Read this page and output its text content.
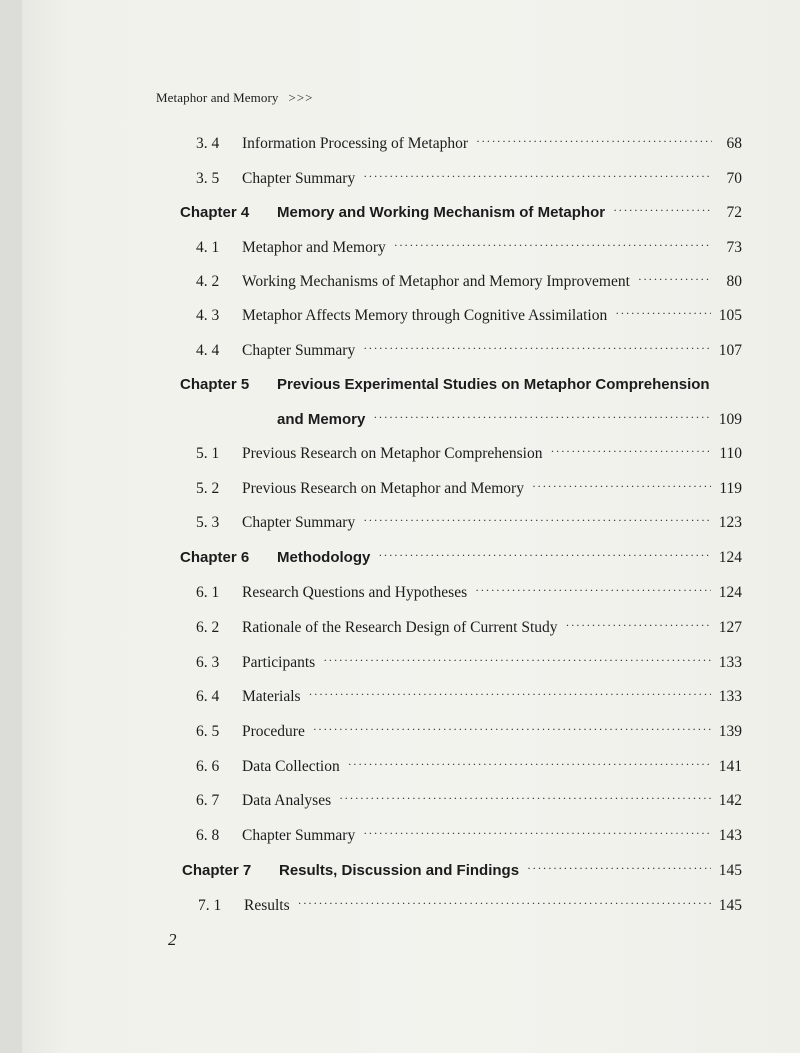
Metaphor and Memory >>>
3. 4	Information Processing of Metaphor ·····	68
3. 5	Chapter Summary ·····	70
Chapter 4	Memory and Working Mechanism of Metaphor ·····	72
4. 1	Metaphor and Memory ·····	73
4. 2	Working Mechanisms of Metaphor and Memory Improvement ·····	80
4. 3	Metaphor Affects Memory through Cognitive Assimilation ·····	105
4. 4	Chapter Summary ·····	107
Chapter 5 Previous Experimental Studies on Metaphor Comprehension
and Memory ·····	109
5. 1	Previous Research on Metaphor Comprehension ·····	110
5. 2	Previous Research on Metaphor and Memory ·····	119
5. 3	Chapter Summary ·····	123
Chapter 6	Methodology ·····	124
6. 1	Research Questions and Hypotheses ·····	124
6. 2	Rationale of the Research Design of Current Study ·····	127
6. 3	Participants ·····	133
6. 4	Materials ·····	133
6. 5	Procedure ·····	139
6. 6	Data Collection ·····	141
6. 7	Data Analyses ·····	142
6. 8	Chapter Summary ·····	143
Chapter 7	Results, Discussion and Findings ·····	145
7. 1	Results ·····	145
2
